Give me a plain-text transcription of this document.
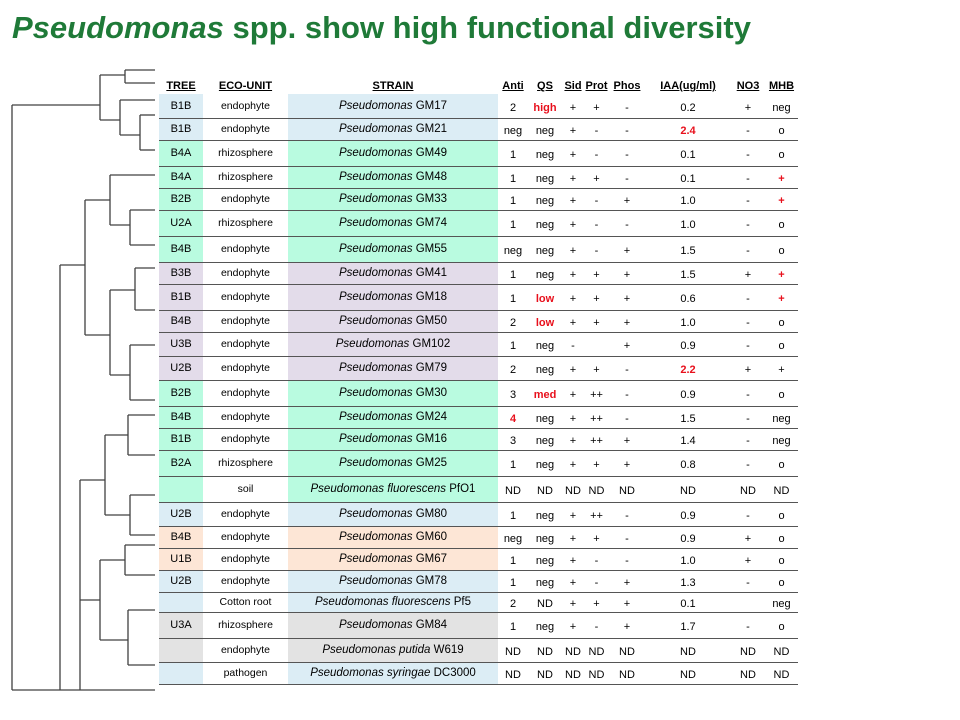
Pseudomonas spp. show high functional diversity
TREE	ECO-UNIT	STRAIN	Anti	QS	Sid	Prot	Phos	IAA(ug/ml)	NO3	MHB
B1B	endophyte	Pseudomonas GM17	2	high	+	+	-	0.2	+	neg
B1B	endophyte	Pseudomonas GM21	neg	neg	+	-	-	2.4	-	o
B4A	rhizosphere	Pseudomonas GM49	1	neg	+	-	-	0.1	-	o
B4A	rhizosphere	Pseudomonas GM48	1	neg	+	+	-	0.1	-	+
B2B	endophyte	Pseudomonas GM33	1	neg	+	-	+	1.0	-	+
U2A	rhizosphere	Pseudomonas GM74	1	neg	+	-	-	1.0	-	o
B4B	endophyte	Pseudomonas GM55	neg	neg	+	-	+	1.5	-	o
B3B	endophyte	Pseudomonas GM41	1	neg	+	+	+	1.5	+	+
B1B	endophyte	Pseudomonas GM18	1	low	+	+	+	0.6	-	+
B4B	endophyte	Pseudomonas GM50	2	low	+	+	+	1.0	-	o
U3B	endophyte	Pseudomonas GM102	1	neg	-		+	0.9	-	o
U2B	endophyte	Pseudomonas GM79	2	neg	+	+	-	2.2	+	+
B2B	endophyte	Pseudomonas GM30	3	med	+	++	-	0.9	-	o
B4B	endophyte	Pseudomonas GM24	4	neg	+	++	-	1.5	-	neg
B1B	endophyte	Pseudomonas GM16	3	neg	+	++	+	1.4	-	neg
B2A	rhizosphere	Pseudomonas GM25	1	neg	+	+	+	0.8	-	o
	soil	Pseudomonas fluorescens PfO1	ND	ND	ND	ND	ND	ND	ND	ND
U2B	endophyte	Pseudomonas GM80	1	neg	+	++	-	0.9	-	o
B4B	endophyte	Pseudomonas GM60	neg	neg	+	+	-	0.9	+	o
U1B	endophyte	Pseudomonas GM67	1	neg	+	-	-	1.0	+	o
U2B	endophyte	Pseudomonas GM78	1	neg	+	-	+	1.3	-	o
	Cotton root	Pseudomonas fluorescens Pf5	2	ND	+	+	+	0.1		neg
U3A	rhizosphere	Pseudomonas GM84	1	neg	+	-	+	1.7	-	o
	endophyte	Pseudomonas putida W619	ND	ND	ND	ND	ND	ND	ND	ND
	pathogen	Pseudomonas syringae DC3000	ND	ND	ND	ND	ND	ND	ND	ND
